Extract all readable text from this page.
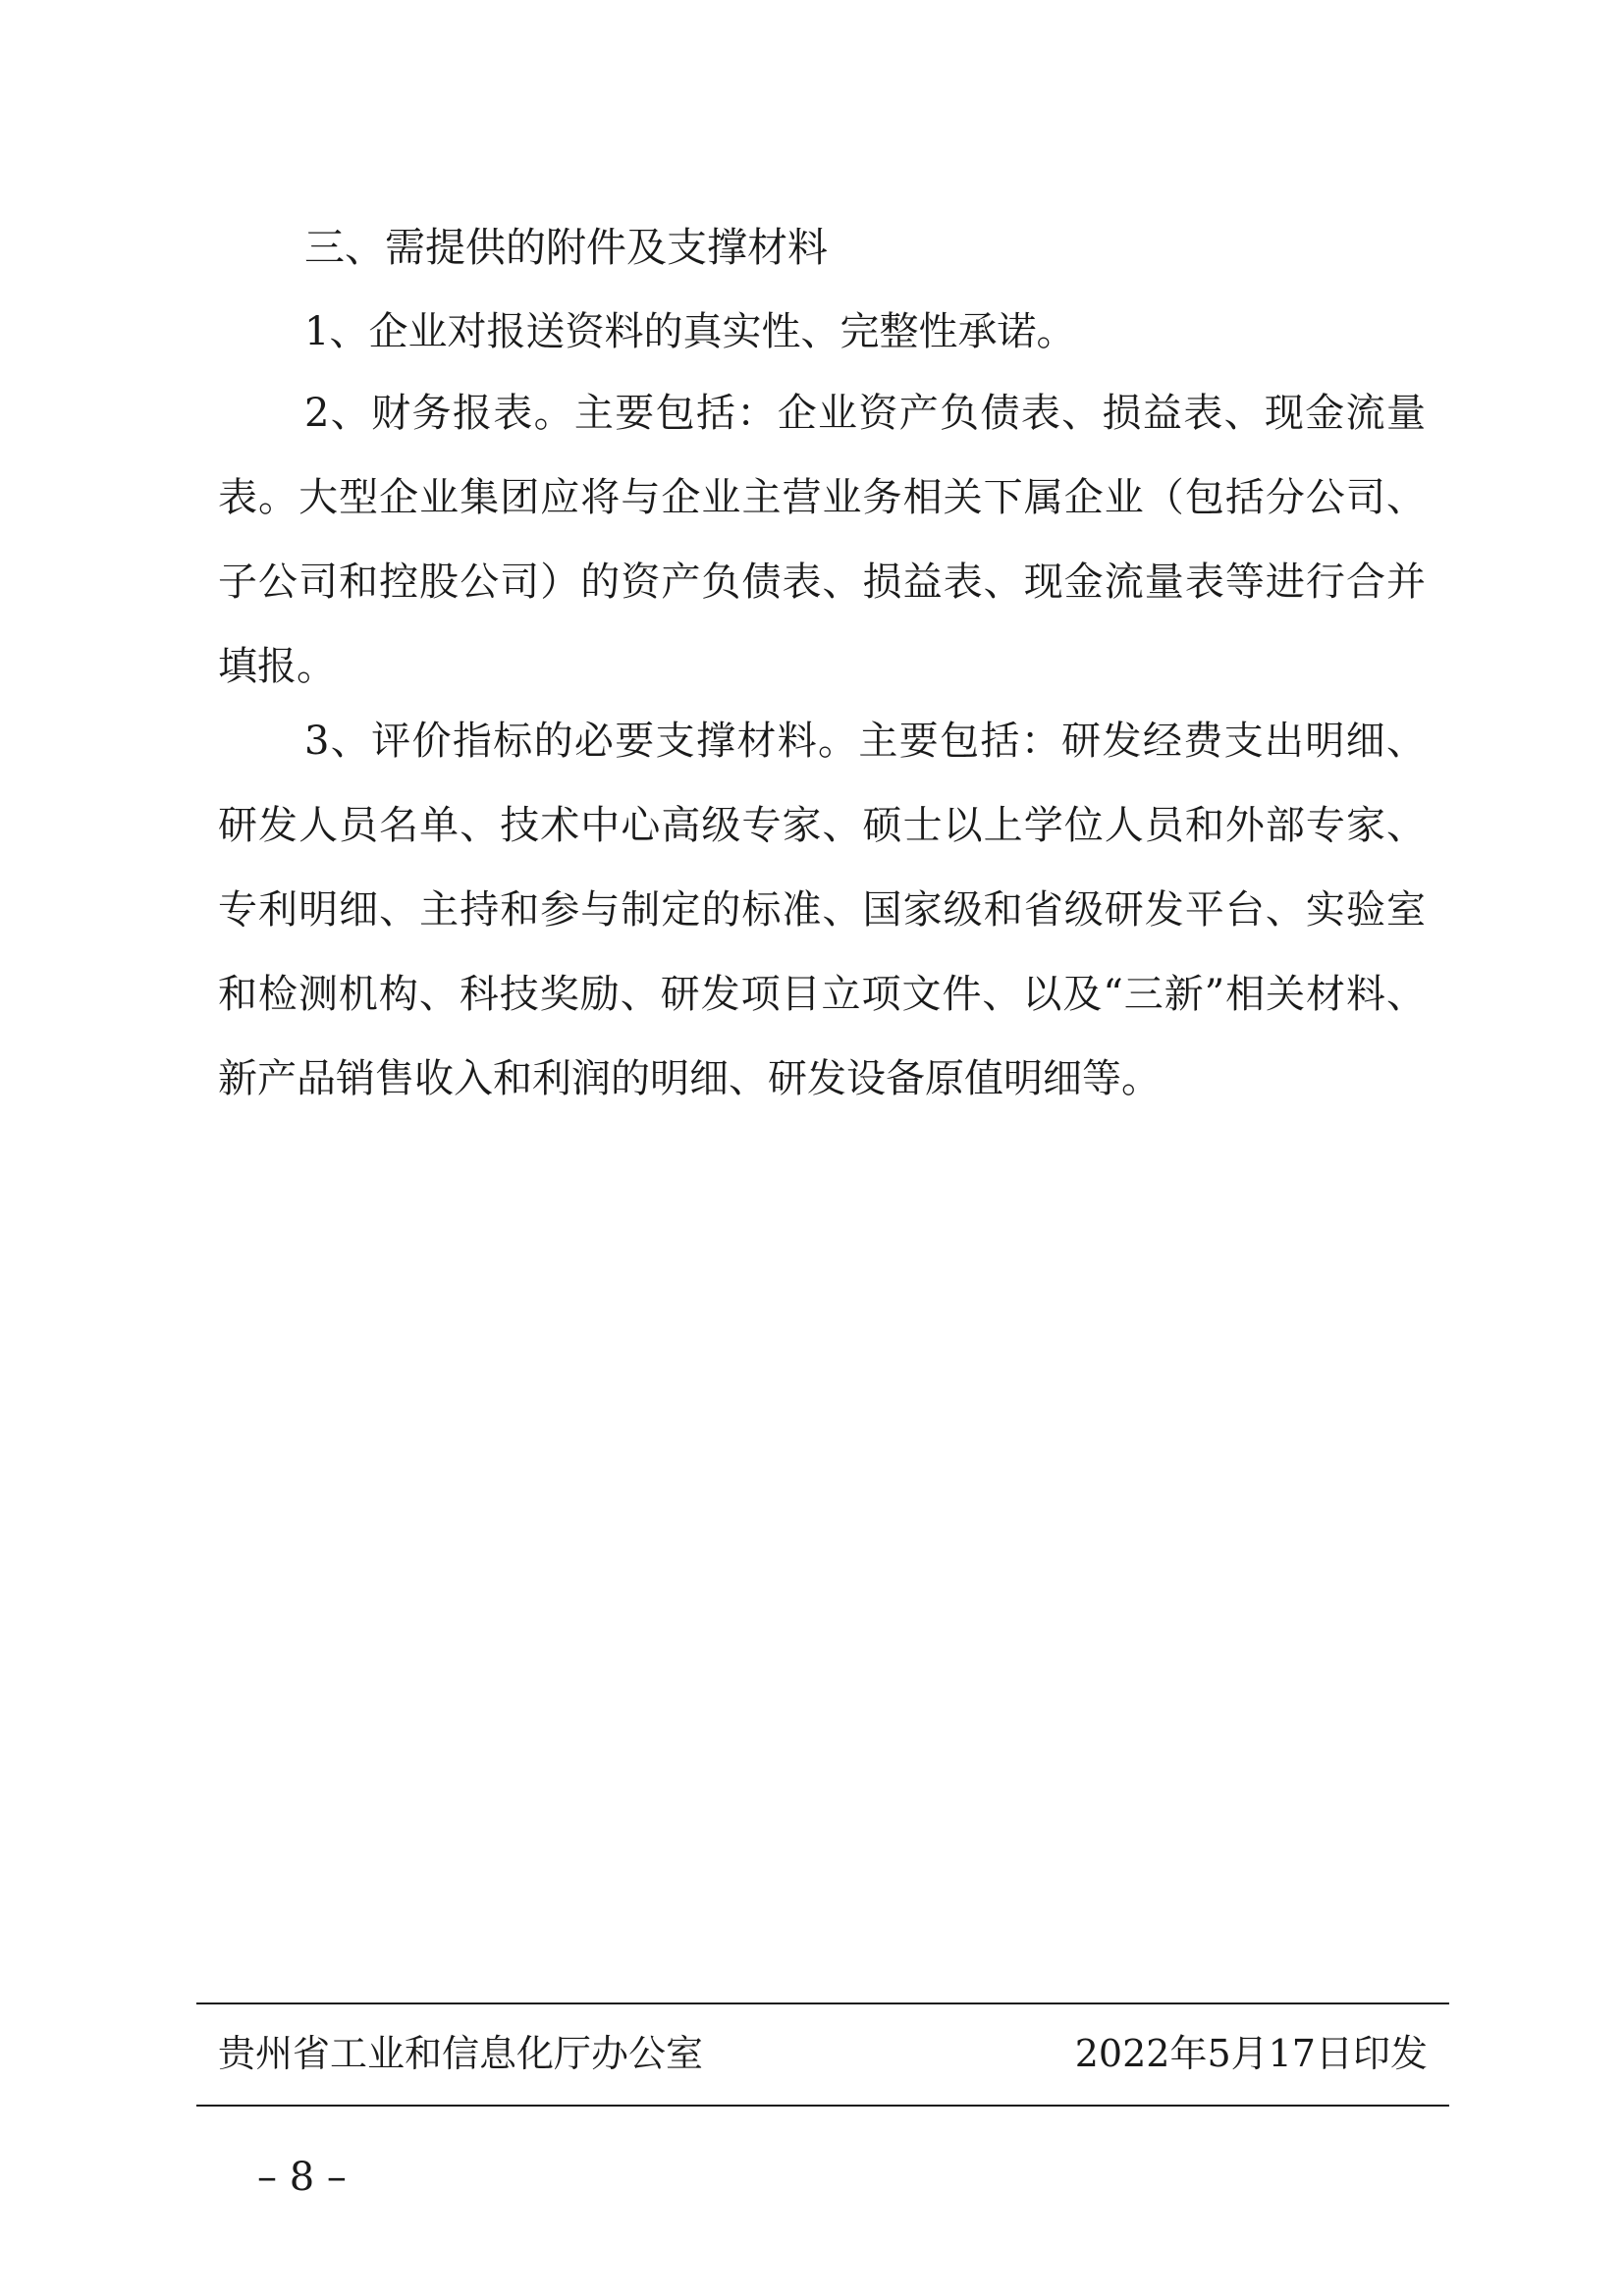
三、需提供的附件及支撑材料

1、企业对报送资料的真实性、完整性承诺。

2、财务报表。主要包括：企业资产负债表、损益表、现金流量表。大型企业集团应将与企业主营业务相关下属企业（包括分公司、子公司和控股公司）的资产负债表、损益表、现金流量表等进行合并填报。

3、评价指标的必要支撑材料。主要包括：研发经费支出明细、研发人员名单、技术中心高级专家、硕士以上学位人员和外部专家、专利明细、主持和参与制定的标准、国家级和省级研发平台、实验室和检测机构、科技奖励、研发项目立项文件、以及“三新”相关材料、新产品销售收入和利润的明细、研发设备原值明细等。

贵州省工业和信息化厅办公室	2022年5月17日印发
– 8 –
